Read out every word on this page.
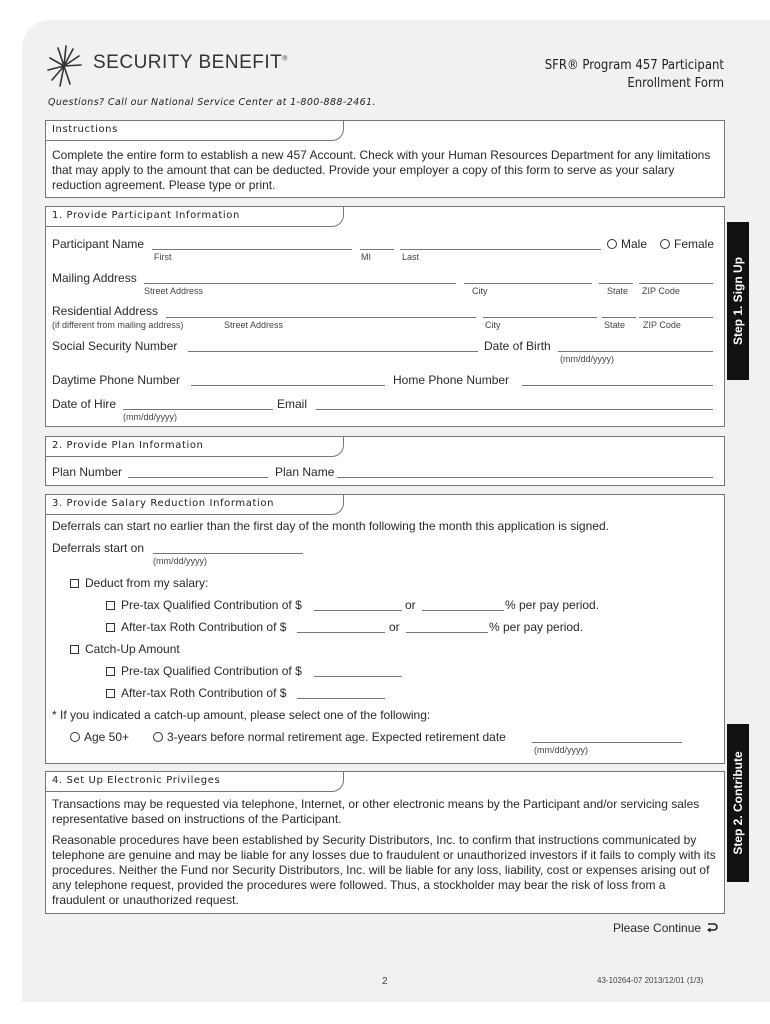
SECURITY BENEFIT®	SFR® Program 457 Participant
Enrollment Form
Questions? Call our National Service Center at 1-800-888-2461.
Instructions
Complete the entire form to establish a new 457 Account. Check with your Human Resources Department for any limitations that may apply to the amount that can be deducted. Provide your employer a copy of this form to serve as your salary reduction agreement. Please type or print.
1. Provide Participant Information
Participant Name
First	MI	Last
Male	Female
Mailing Address
Street Address	City	State ZIP Code
Residential Address
(if different from mailing address)	Street Address	City	State ZIP Code
Social Security Number	Date of Birth
(mm/dd/yyyy)
Daytime Phone Number	Home Phone Number
Date of Hire
(mm/dd/yyyy)
Email
2. Provide Plan Information
Plan Number	Plan Name
3. Provide Salary Reduction Information
Deferrals can start no earlier than the first day of the month following the month this application is signed.
Deferrals start on
(mm/dd/yyyy)
Deduct from my salary:
Pre-tax Qualified Contribution of $	or	% per pay period.
After-tax Roth Contribution of $	or	% per pay period.
Catch-Up Amount
Pre-tax Qualified Contribution of $
After-tax Roth Contribution of $
* If you indicated a catch-up amount, please select one of the following:
Age 50+	3-years before normal retirement age. Expected retirement date
(mm/dd/yyyy)
4. Set Up Electronic Privileges
Transactions may be requested via telephone, Internet, or other electronic means by the Participant and/or servicing sales representative based on instructions of the Participant.
Reasonable procedures have been established by Security Distributors, Inc. to confirm that instructions communicated by telephone are genuine and may be liable for any losses due to fraudulent or unauthorized investors if it fails to comply with its procedures. Neither the Fund nor Security Distributors, Inc. will be liable for any loss, liability, cost or expenses arising out of any telephone request, provided the procedures were followed. Thus, a stockholder may bear the risk of loss from a fraudulent or unauthorized request.
Step 1. Sign Up
Step 2. Contribute
Please Continue
2	43-10264-07 2013/12/01 (1/3)
